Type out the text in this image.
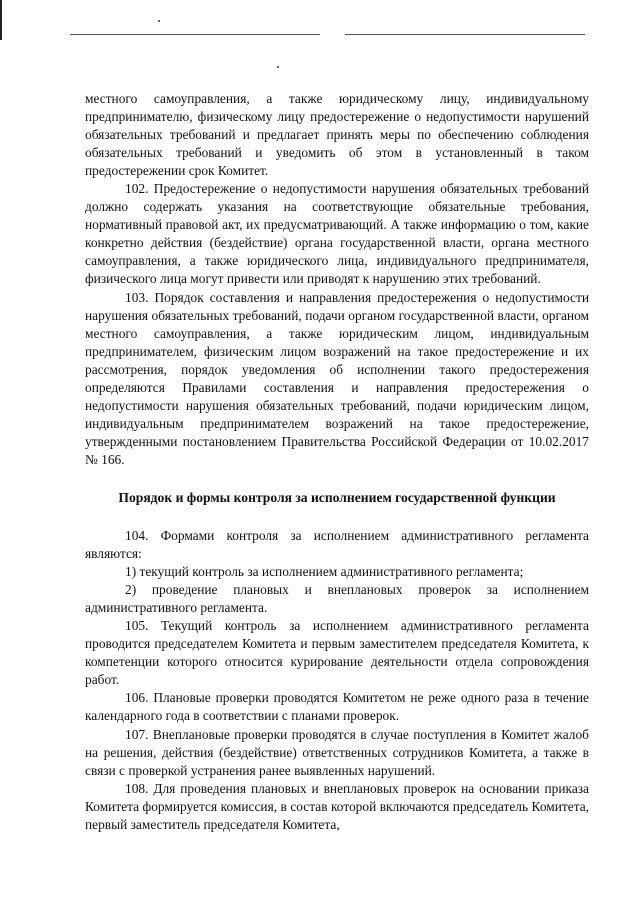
местного самоуправления, а также юридическому лицу, индивидуальному предпринимателю, физическому лицу предостережение о недопустимости нарушений обязательных требований и предлагает принять меры по обеспечению соблюдения обязательных требований и уведомить об этом в установленный в таком предостережении срок Комитет.

102. Предостережение о недопустимости нарушения обязательных требований должно содержать указания на соответствующие обязательные требования, нормативный правовой акт, их предусматривающий. А также информацию о том, какие конкретно действия (бездействие) органа государственной власти, органа местного самоуправления, а также юридического лица, индивидуального предпринимателя, физического лица могут привести или приводят к нарушению этих требований.

103. Порядок составления и направления предостережения о недопустимости нарушения обязательных требований, подачи органом государственной власти, органом местного самоуправления, а также юридическим лицом, индивидуальным предпринимателем, физическим лицом возражений на такое предостережение и их рассмотрения, порядок уведомления об исполнении такого предостережения определяются Правилами составления и направления предостережения о недопустимости нарушения обязательных требований, подачи юридическим лицом, индивидуальным предпринимателем возражений на такое предостережение, утвержденными постановлением Правительства Российской Федерации от 10.02.2017 № 166.

Порядок и формы контроля за исполнением государственной функции

104. Формами контроля за исполнением административного регламента являются:

1) текущий контроль за исполнением административного регламента;

2) проведение плановых и внеплановых проверок за исполнением административного регламента.

105. Текущий контроль за исполнением административного регламента проводится председателем Комитета и первым заместителем председателя Комитета, к компетенции которого относится курирование деятельности отдела сопровождения работ.

106. Плановые проверки проводятся Комитетом не реже одного раза в течение календарного года в соответствии с планами проверок.

107. Внеплановые проверки проводятся в случае поступления в Комитет жалоб на решения, действия (бездействие) ответственных сотрудников Комитета, а также в связи с проверкой устранения ранее выявленных нарушений.

108. Для проведения плановых и внеплановых проверок на основании приказа Комитета формируется комиссия, в состав которой включаются председатель Комитета, первый заместитель председателя Комитета,
